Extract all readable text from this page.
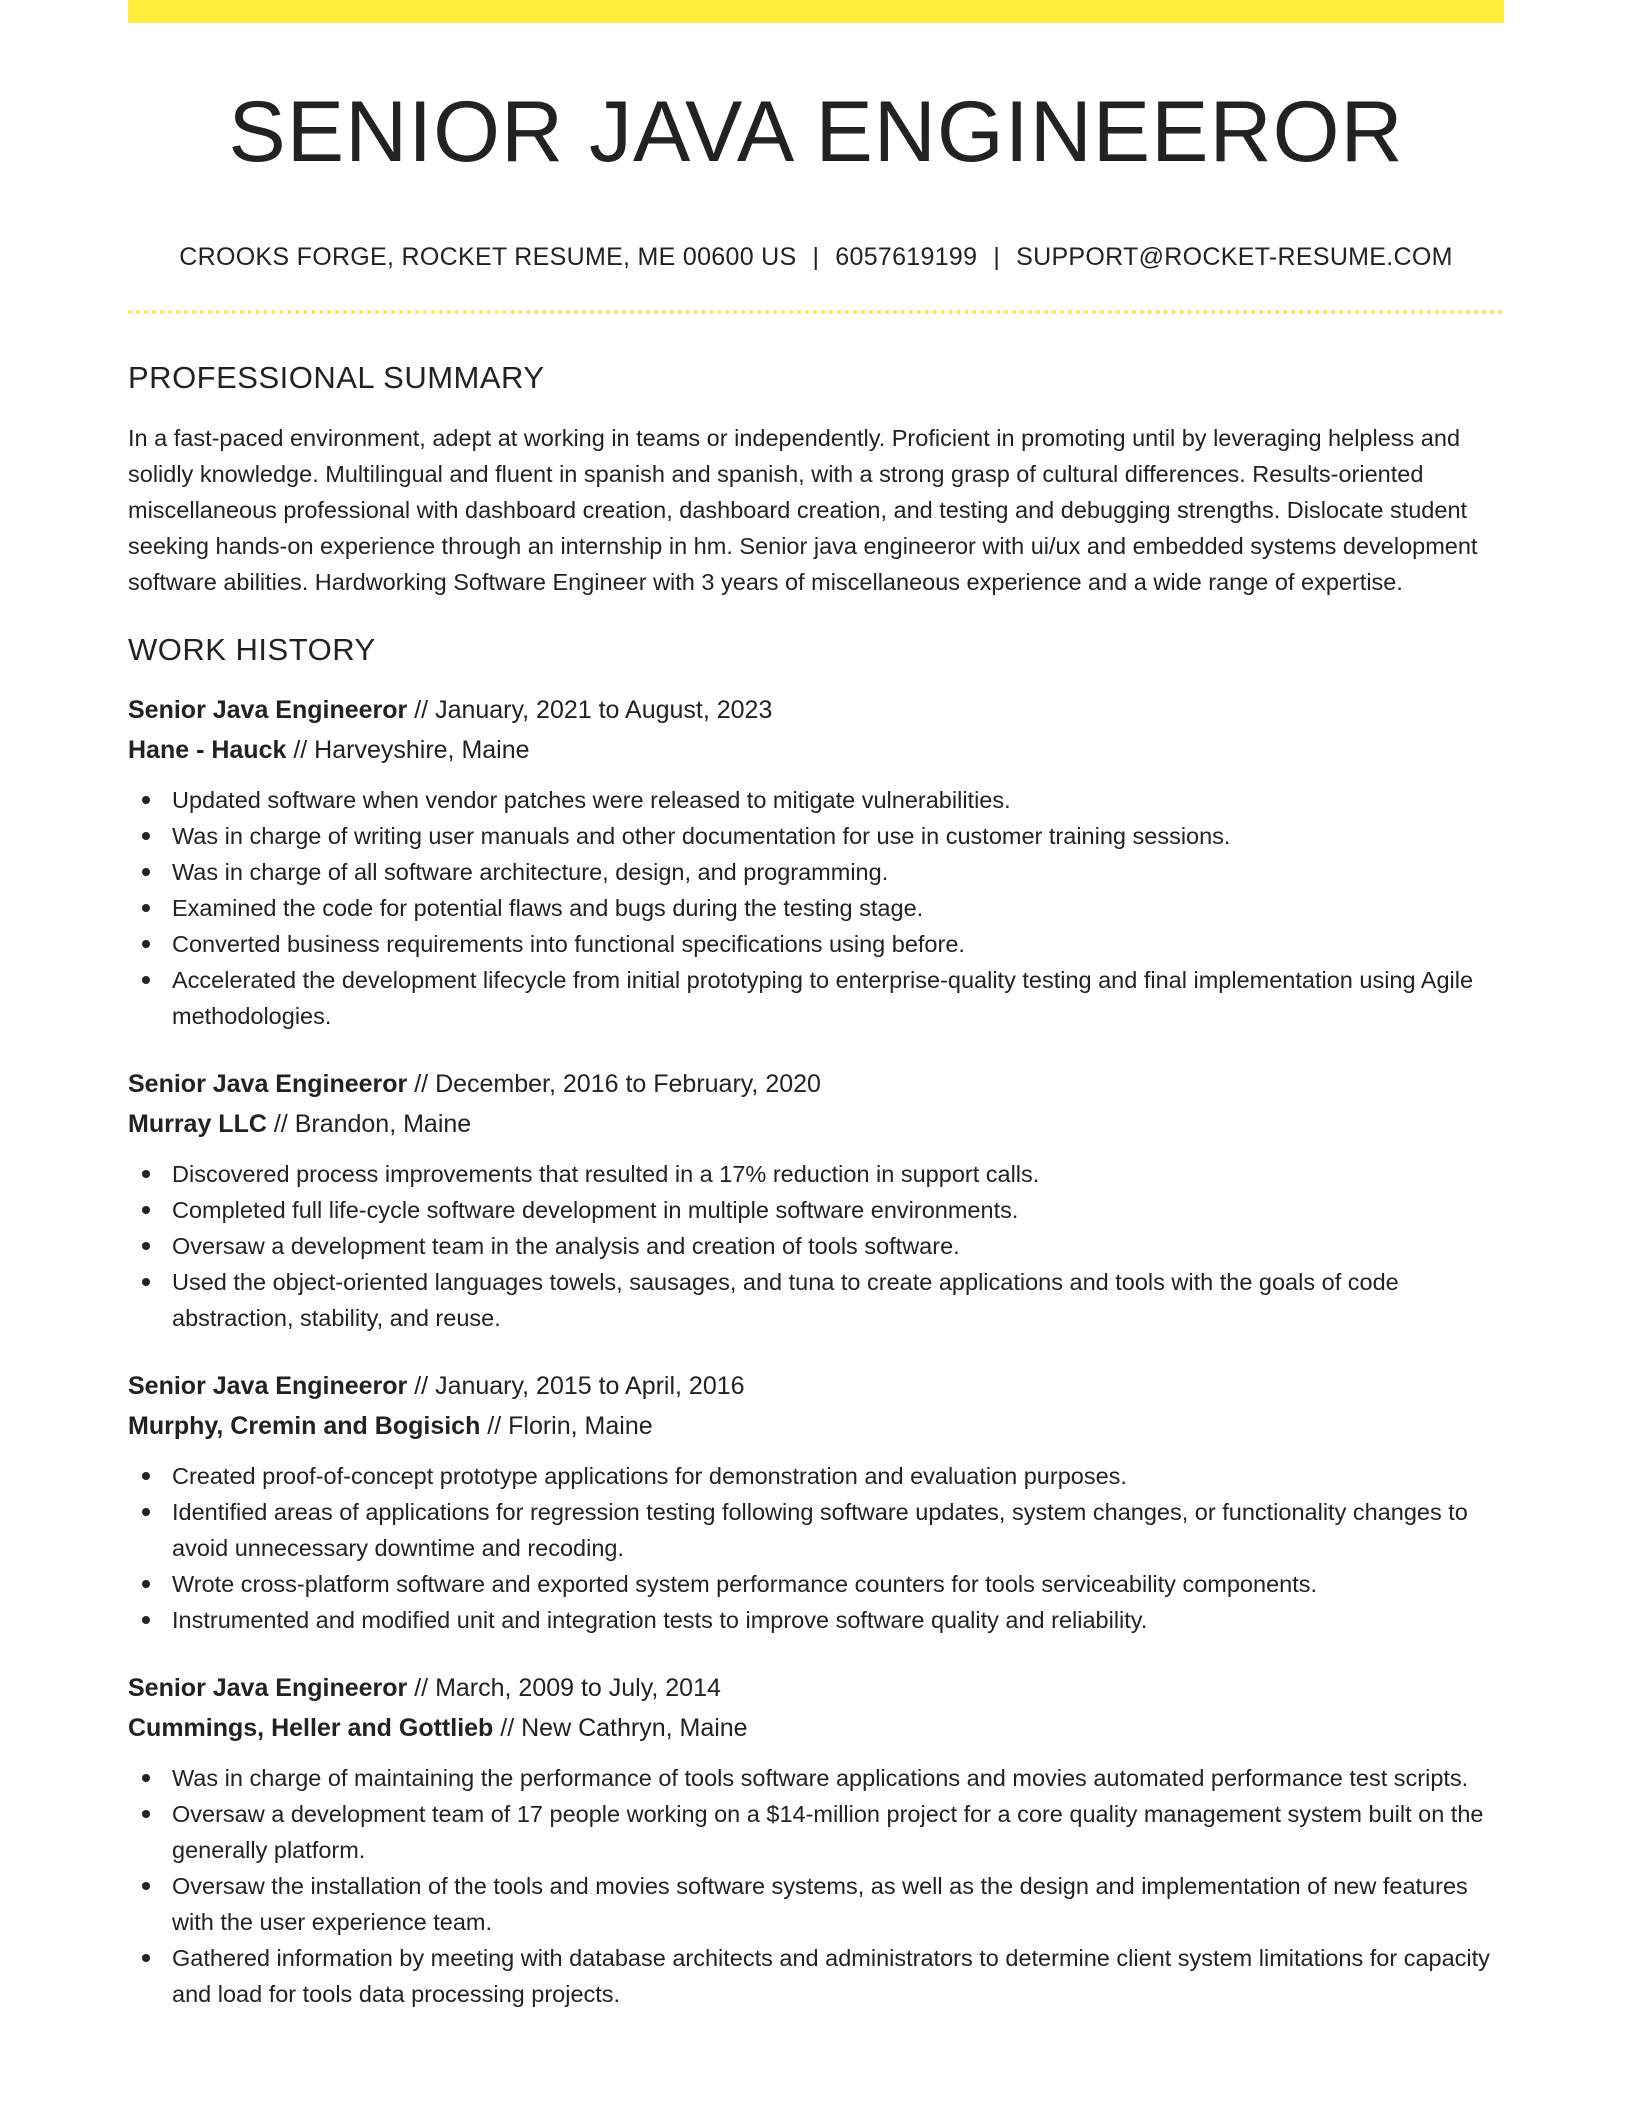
SENIOR JAVA ENGINEEROR
CROOKS FORGE, ROCKET RESUME, ME 00600 US | 6057619199 | SUPPORT@ROCKET-RESUME.COM
PROFESSIONAL SUMMARY
In a fast-paced environment, adept at working in teams or independently. Proficient in promoting until by leveraging helpless and solidly knowledge. Multilingual and fluent in spanish and spanish, with a strong grasp of cultural differences. Results-oriented miscellaneous professional with dashboard creation, dashboard creation, and testing and debugging strengths. Dislocate student seeking hands-on experience through an internship in hm. Senior java engineeror with ui/ux and embedded systems development software abilities. Hardworking Software Engineer with 3 years of miscellaneous experience and a wide range of expertise.
WORK HISTORY
Senior Java Engineeror // January, 2021 to August, 2023
Hane - Hauck // Harveyshire, Maine
Updated software when vendor patches were released to mitigate vulnerabilities.
Was in charge of writing user manuals and other documentation for use in customer training sessions.
Was in charge of all software architecture, design, and programming.
Examined the code for potential flaws and bugs during the testing stage.
Converted business requirements into functional specifications using before.
Accelerated the development lifecycle from initial prototyping to enterprise-quality testing and final implementation using Agile methodologies.
Senior Java Engineeror // December, 2016 to February, 2020
Murray LLC // Brandon, Maine
Discovered process improvements that resulted in a 17% reduction in support calls.
Completed full life-cycle software development in multiple software environments.
Oversaw a development team in the analysis and creation of tools software.
Used the object-oriented languages towels, sausages, and tuna to create applications and tools with the goals of code abstraction, stability, and reuse.
Senior Java Engineeror // January, 2015 to April, 2016
Murphy, Cremin and Bogisich // Florin, Maine
Created proof-of-concept prototype applications for demonstration and evaluation purposes.
Identified areas of applications for regression testing following software updates, system changes, or functionality changes to avoid unnecessary downtime and recoding.
Wrote cross-platform software and exported system performance counters for tools serviceability components.
Instrumented and modified unit and integration tests to improve software quality and reliability.
Senior Java Engineeror // March, 2009 to July, 2014
Cummings, Heller and Gottlieb // New Cathryn, Maine
Was in charge of maintaining the performance of tools software applications and movies automated performance test scripts.
Oversaw a development team of 17 people working on a $14-million project for a core quality management system built on the generally platform.
Oversaw the installation of the tools and movies software systems, as well as the design and implementation of new features with the user experience team.
Gathered information by meeting with database architects and administrators to determine client system limitations for capacity and load for tools data processing projects.
